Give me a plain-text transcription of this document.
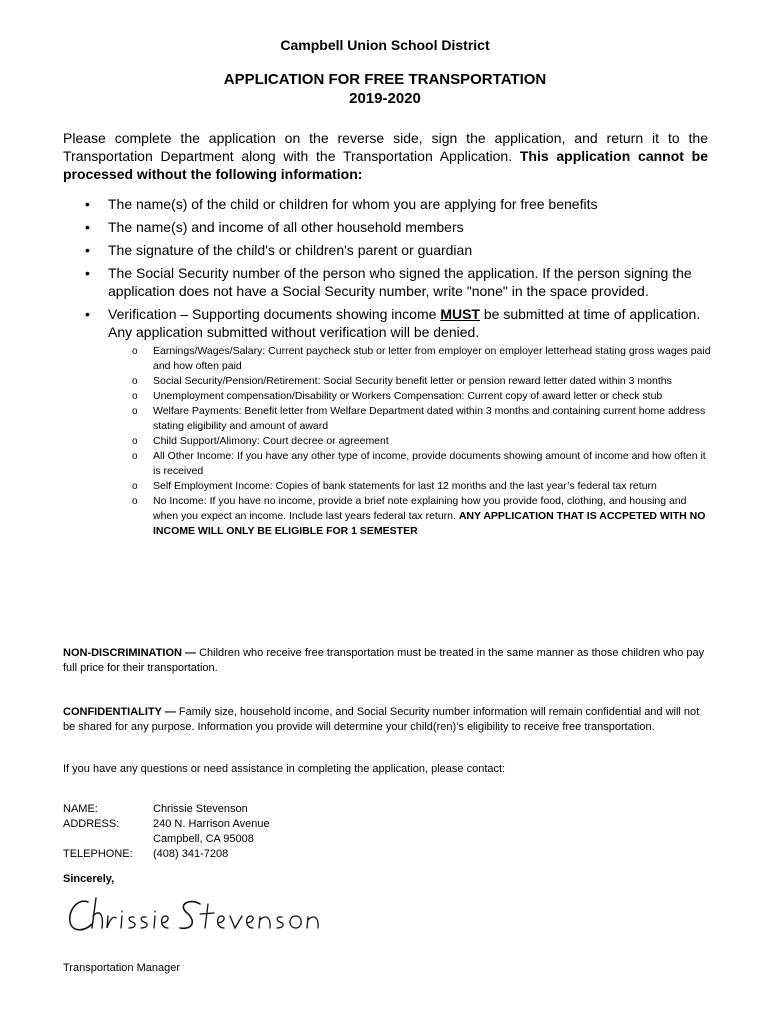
Campbell Union School District
APPLICATION FOR FREE TRANSPORTATION
2019-2020
Please complete the application on the reverse side, sign the application, and return it to the Transportation Department along with the Transportation Application. This application cannot be processed without the following information:
• The name(s) of the child or children for whom you are applying for free benefits
• The name(s) and income of all other household members
• The signature of the child's or children's parent or guardian
• The Social Security number of the person who signed the application. If the person signing the application does not have a Social Security number, write "none" in the space provided.
• Verification – Supporting documents showing income MUST be submitted at time of application. Any application submitted without verification will be denied.
o Earnings/Wages/Salary: Current paycheck stub or letter from employer on employer letterhead stating gross wages paid and how often paid
o Social Security/Pension/Retirement: Social Security benefit letter or pension reward letter dated within 3 months
o Unemployment compensation/Disability or Workers Compensation: Current copy of award letter or check stub
o Welfare Payments: Benefit letter from Welfare Department dated within 3 months and containing current home address stating eligibility and amount of award
o Child Support/Alimony: Court decree or agreement
o All Other Income: If you have any other type of income, provide documents showing amount of income and how often it is received
o Self Employment Income: Copies of bank statements for last 12 months and the last year’s federal tax return
o No Income: If you have no income, provide a brief note explaining how you provide food, clothing, and housing and when you expect an income. Include last years federal tax return. ANY APPLICATION THAT IS ACCPETED WITH NO INCOME WILL ONLY BE ELIGIBLE FOR 1 SEMESTER
NON-DISCRIMINATION — Children who receive free transportation must be treated in the same manner as those children who pay full price for their transportation.
CONFIDENTIALITY — Family size, household income, and Social Security number information will remain confidential and will not be shared for any purpose. Information you provide will determine your child(ren)’s eligibility to receive free transportation.
If you have any questions or need assistance in completing the application, please contact:
NAME:	Chrissie Stevenson
ADDRESS:	240 N. Harrison Avenue
Campbell, CA 95008
TELEPHONE:	(408) 341-7208
Sincerely,
Transportation Manager
